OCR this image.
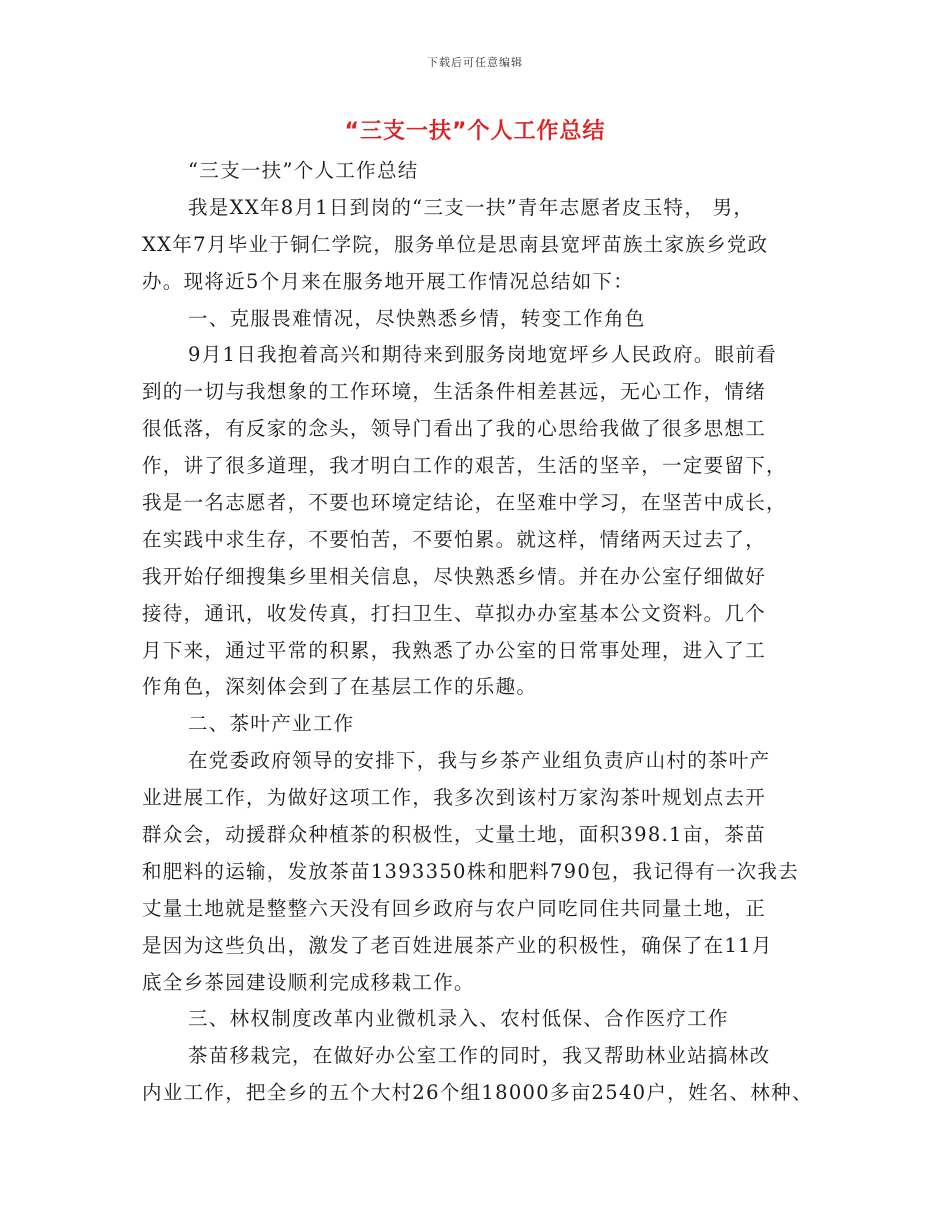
下载后可任意编辑
“三支一扶”个人工作总结
“三支一扶”个人工作总结
我是XX年8月1日到岗的“三支一扶”青年志愿者皮玉特， 男，
XX年7月毕业于铜仁学院，服务单位是思南县宽坪苗族土家族乡党政
办。现将近5个月来在服务地开展工作情况总结如下：
一、克服畏难情况，尽快熟悉乡情，转变工作角色
9月1日我抱着高兴和期待来到服务岗地宽坪乡人民政府。眼前看
到的一切与我想象的工作环境，生活条件相差甚远，无心工作，情绪
很低落，有反家的念头，领导门看出了我的心思给我做了很多思想工
作，讲了很多道理，我才明白工作的艰苦，生活的坚辛，一定要留下，
我是一名志愿者，不要也环境定结论，在坚难中学习，在坚苦中成长，
在实践中求生存，不要怕苦，不要怕累。就这样，情绪两天过去了，
我开始仔细搜集乡里相关信息，尽快熟悉乡情。并在办公室仔细做好
接待，通讯，收发传真，打扫卫生、草拟办办室基本公文资料。几个
月下来，通过平常的积累，我熟悉了办公室的日常事处理，进入了工
作角色，深刻体会到了在基层工作的乐趣。
二、茶叶产业工作
在党委政府领导的安排下，我与乡茶产业组负责庐山村的茶叶产
业进展工作，为做好这项工作，我多次到该村万家沟茶叶规划点去开
群众会，动援群众种植茶的积极性，丈量土地，面积398.1亩，茶苗
和肥料的运输，发放茶苗1393350株和肥料790包，我记得有一次我去
丈量土地就是整整六天没有回乡政府与农户同吃同住共同量土地，正
是因为这些负出，激发了老百姓进展茶产业的积极性，确保了在11月
底全乡茶园建设顺利完成移栽工作。
三、林权制度改革内业微机录入、农村低保、合作医疗工作
茶苗移栽完，在做好办公室工作的同时，我又帮助林业站搞林改
内业工作，把全乡的五个大村26个组18000多亩2540户，姓名、林种、
